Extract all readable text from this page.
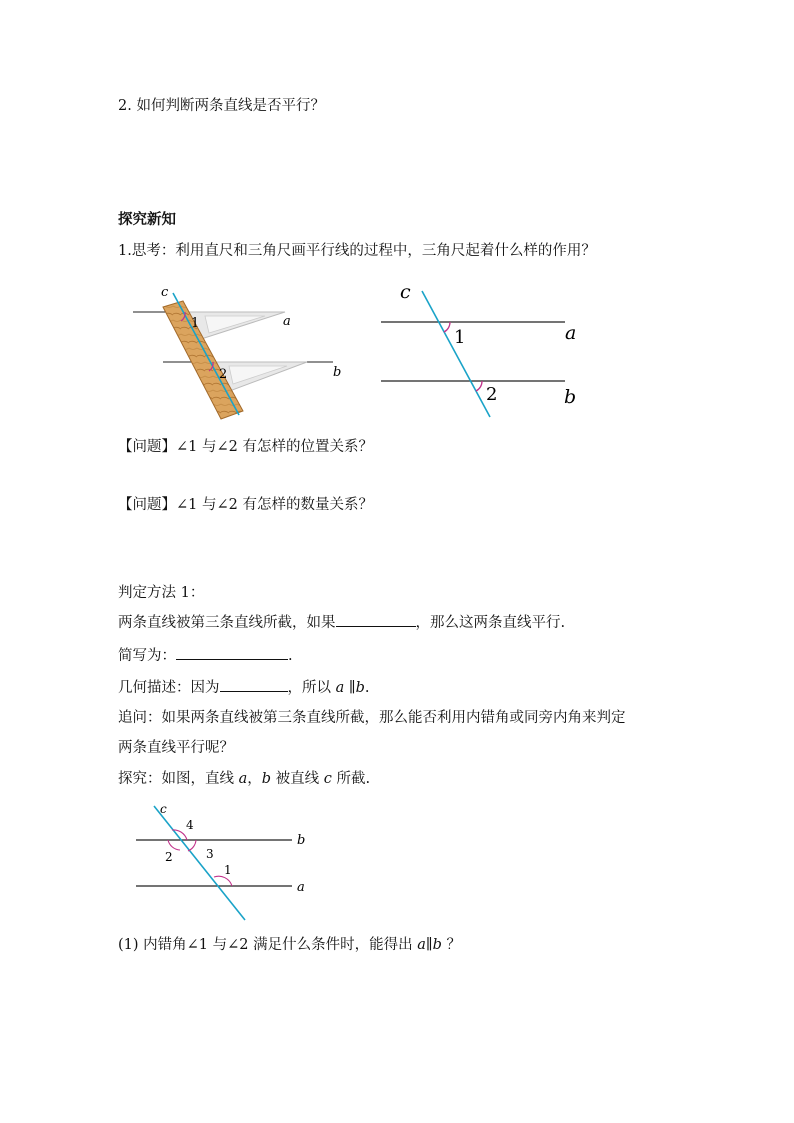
2. 如何判断两条直线是否平行？
探究新知
1.思考：利用直尺和三角尺画平行线的过程中，三角尺起着什么样的作用？
c
a
b
1
2
c
a
b
1
2
【问题】∠1 与∠2 有怎样的位置关系？
【问题】∠1 与∠2 有怎样的数量关系？
判定方法 1：
两条直线被第三条直线所截，如果	，那么这两条直线平行.
简写为：	.
几何描述：因为	，所以 a ∥b.
追问：如果两条直线被第三条直线所截，那么能否利用内错角或同旁内角来判定
两条直线平行呢？
探究：如图，直线 a，b 被直线 c 所截.
c
b
a
4
2	3
1
(1) 内错角∠1 与∠2 满足什么条件时，能得出 a∥b ？
